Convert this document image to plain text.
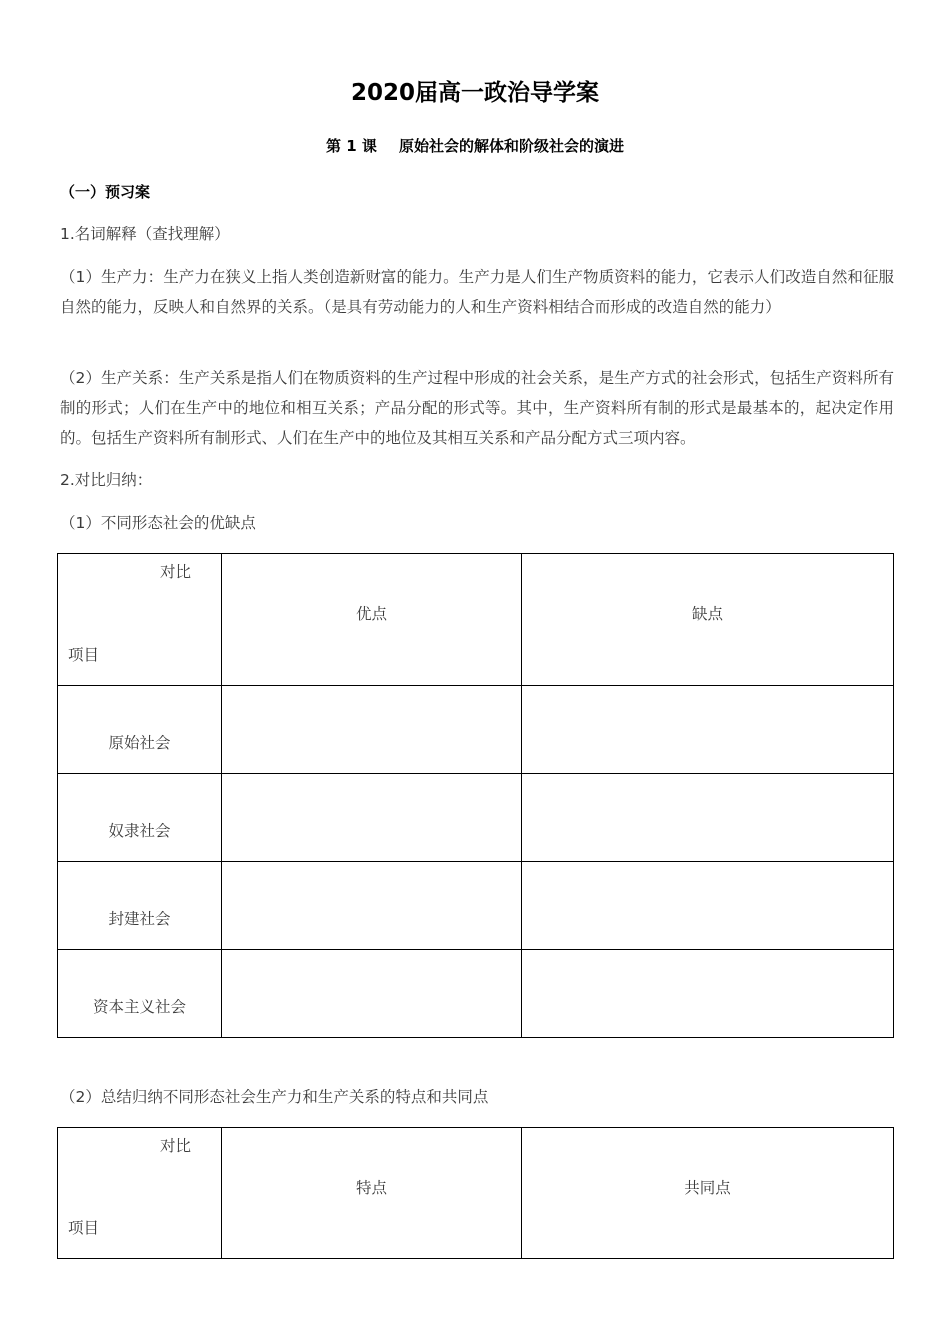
2020届高一政治导学案
第 1 课 原始社会的解体和阶级社会的演进
（一）预习案
1.名词解释（查找理解）
（1）生产力：生产力在狭义上指人类创造新财富的能力。生产力是人们生产物质资料的能力，它表示人们改造自然和征服自然的能力，反映人和自然界的关系。（是具有劳动能力的人和生产资料相结合而形成的改造自然的能力）
（2）生产关系：生产关系是指人们在物质资料的生产过程中形成的社会关系，是生产方式的社会形式，包括生产资料所有制的形式；人们在生产中的地位和相互关系；产品分配的形式等。其中，生产资料所有制的形式是最基本的，起决定作用的。包括生产资料所有制形式、人们在生产中的地位及其相互关系和产品分配方式三项内容。
2.对比归纳：
（1）不同形态社会的优缺点
对比
项目	优点	缺点
原始社会		
奴隶社会		
封建社会		
资本主义社会		
（2）总结归纳不同形态社会生产力和生产关系的特点和共同点
对比
项目
	特点	共同点
